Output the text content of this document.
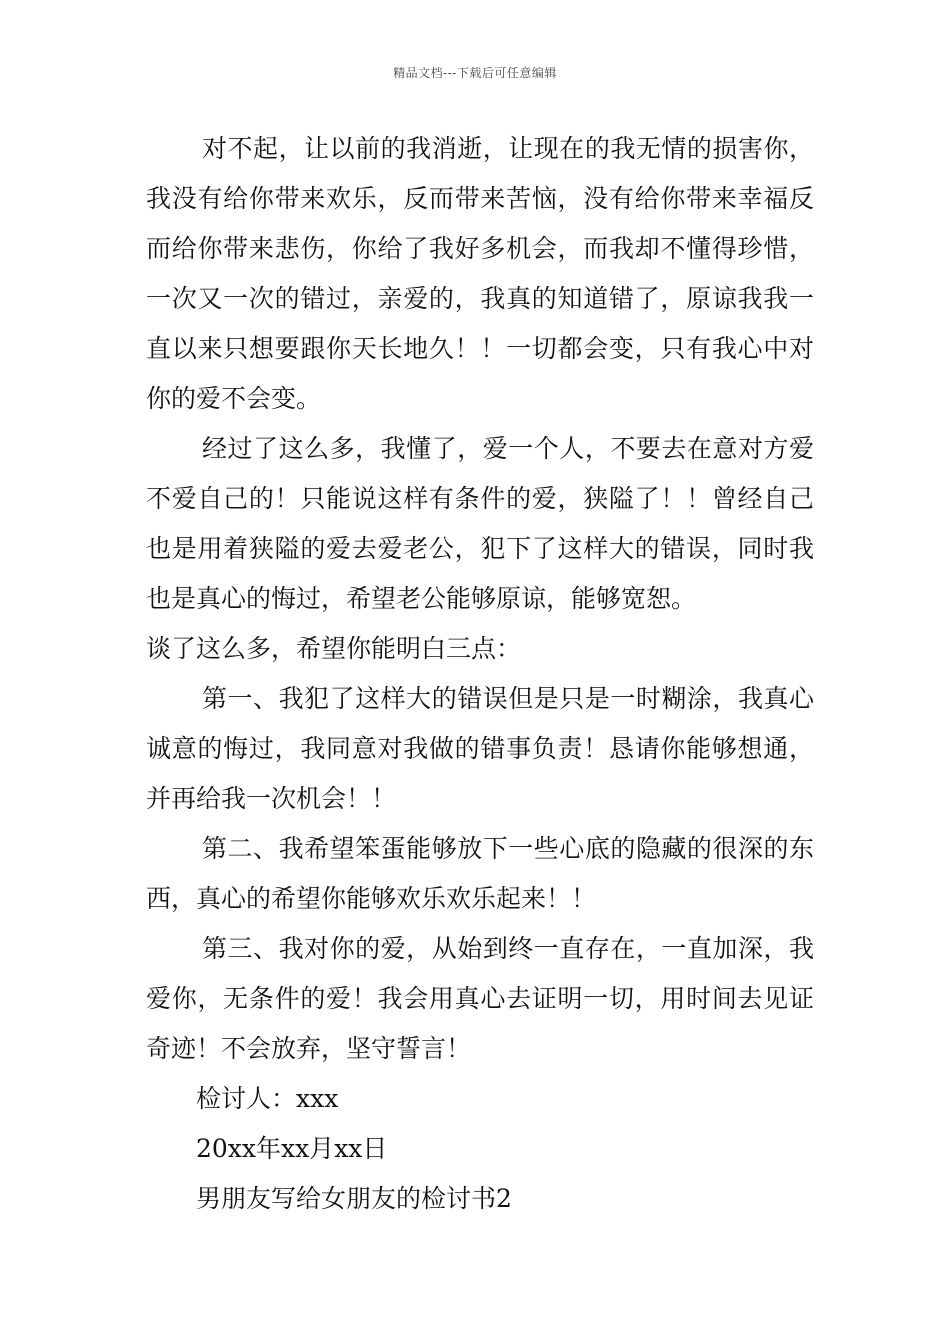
精品文档---下载后可任意编辑

对不起，让以前的我消逝，让现在的我无情的损害你，我没有给你带来欢乐，反而带来苦恼，没有给你带来幸福反而给你带来悲伤，你给了我好多机会，而我却不懂得珍惜，一次又一次的错过，亲爱的，我真的知道错了，原谅我我一直以来只想要跟你天长地久！！一切都会变，只有我心中对你的爱不会变。

经过了这么多，我懂了，爱一个人，不要去在意对方爱不爱自己的！只能说这样有条件的爱，狭隘了！！曾经自己也是用着狭隘的爱去爱老公，犯下了这样大的错误，同时我也是真心的悔过，希望老公能够原谅，能够宽恕。

谈了这么多，希望你能明白三点：

第一、我犯了这样大的错误但是只是一时糊涂，我真心诚意的悔过，我同意对我做的错事负责！恳请你能够想通，并再给我一次机会！！

第二、我希望笨蛋能够放下一些心底的隐藏的很深的东西，真心的希望你能够欢乐欢乐起来！！

第三、我对你的爱，从始到终一直存在，一直加深，我爱你，无条件的爱！我会用真心去证明一切，用时间去见证奇迹！不会放弃，坚守誓言！

检讨人：xxx

20xx年xx月xx日

男朋友写给女朋友的检讨书2
